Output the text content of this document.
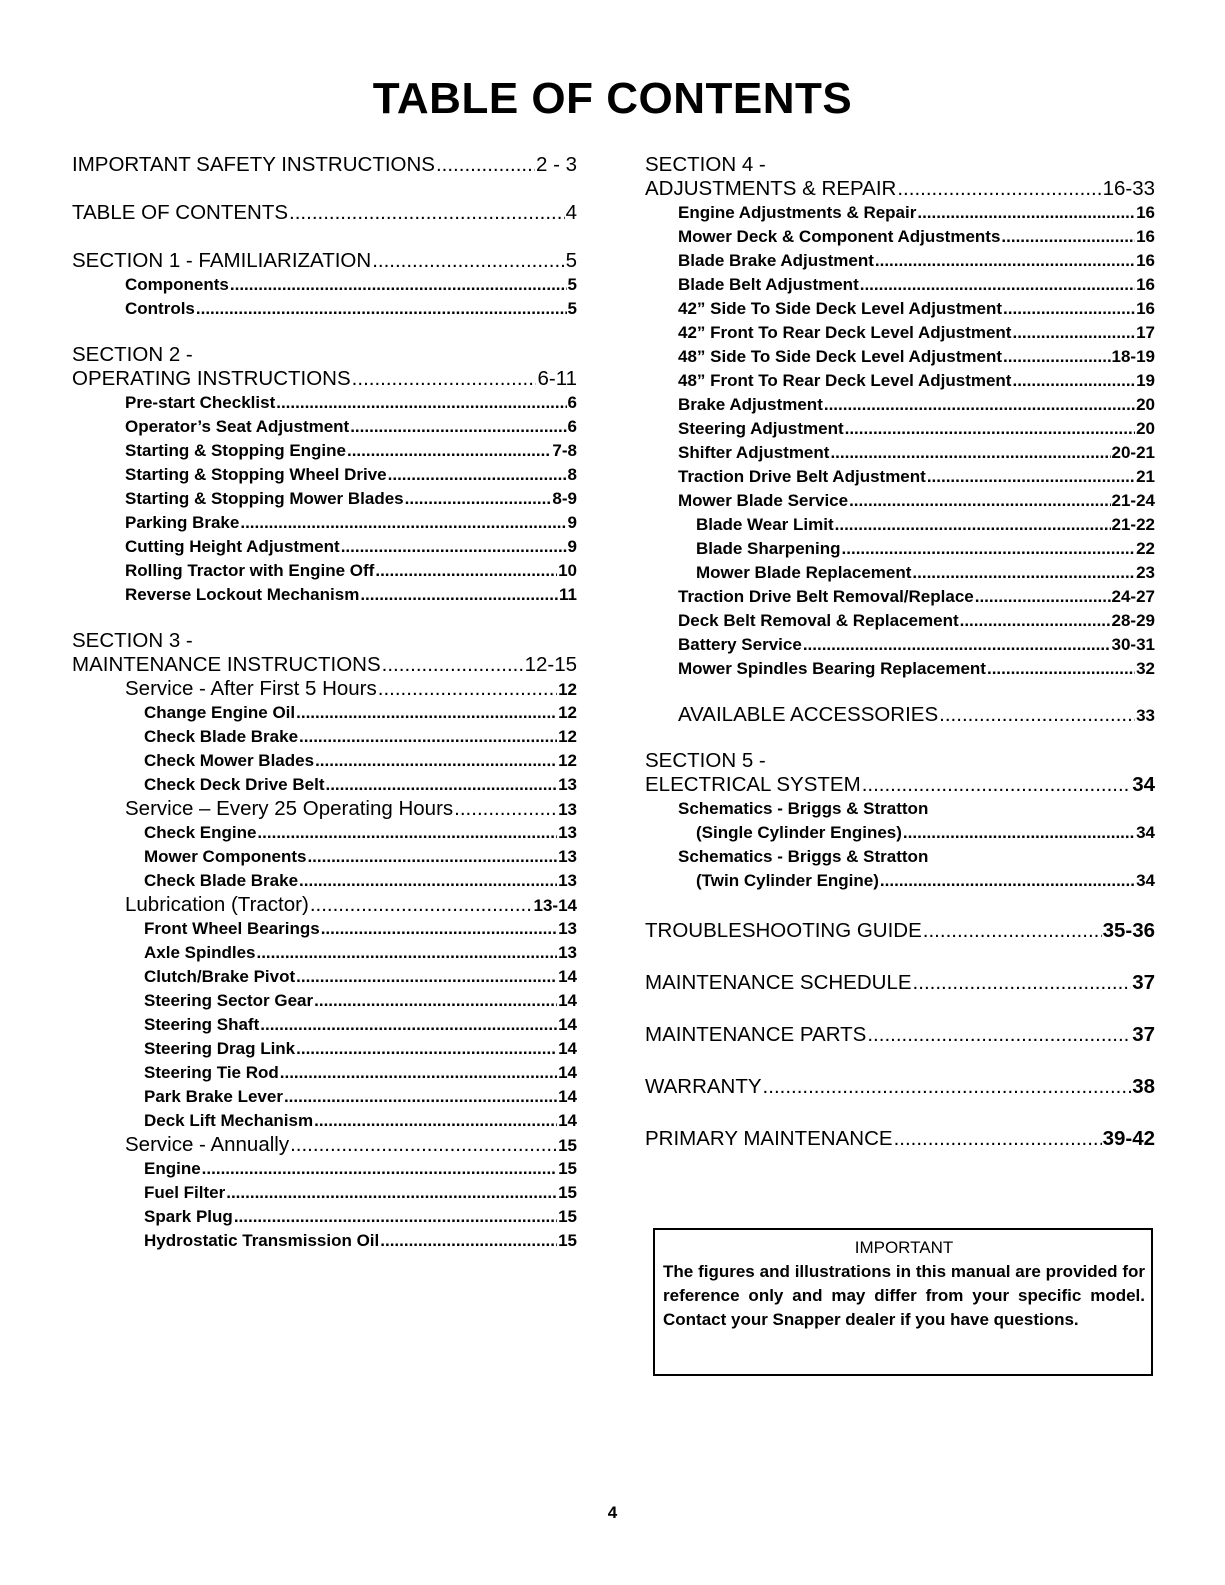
TABLE OF CONTENTS
IMPORTANT SAFETY INSTRUCTIONS .....	2 - 3
TABLE OF CONTENTS .....	4
SECTION 1 - FAMILIARIZATION .....	5
Components .....	5
Controls .....	5
SECTION 2 -
OPERATING INSTRUCTIONS .....	6-11
Pre-start Checklist .....	6
Operator’s Seat Adjustment .....	6
Starting & Stopping Engine .....	7-8
Starting & Stopping Wheel Drive .....	8
Starting & Stopping Mower Blades .....	8-9
Parking Brake .....	9
Cutting Height Adjustment .....	9
Rolling Tractor with Engine Off .....	10
Reverse Lockout Mechanism .....	11
SECTION 3 -
MAINTENANCE INSTRUCTIONS .....	12-15
Service - After First 5 Hours .....	12
Change Engine Oil .....	12
Check Blade Brake .....	12
Check Mower Blades .....	12
Check Deck Drive Belt .....	13
Service – Every 25 Operating Hours .....	13
Check Engine .....	13
Mower Components .....	13
Check Blade Brake .....	13
Lubrication (Tractor) .....	13-14
Front Wheel Bearings .....	13
Axle Spindles .....	13
Clutch/Brake Pivot .....	14
Steering Sector Gear .....	14
Steering Shaft .....	14
Steering Drag Link .....	14
Steering Tie Rod .....	14
Park Brake Lever .....	14
Deck Lift Mechanism .....	14
Service - Annually .....	15
Engine .....	15
Fuel Filter .....	15
Spark Plug .....	15
Hydrostatic Transmission Oil .....	15
SECTION 4 -
ADJUSTMENTS & REPAIR .....	16-33
Engine Adjustments & Repair .....	16
Mower Deck & Component Adjustments .....	16
Blade Brake Adjustment .....	16
Blade Belt Adjustment .....	16
42” Side To Side Deck Level Adjustment .....	16
42” Front To Rear Deck Level Adjustment .....	17
48” Side To Side Deck Level Adjustment .....	18-19
48” Front To Rear Deck Level Adjustment .....	19
Brake Adjustment .....	20
Steering Adjustment .....	20
Shifter Adjustment .....	20-21
Traction Drive Belt Adjustment .....	21
Mower Blade Service .....	21-24
Blade Wear Limit .....	21-22
Blade Sharpening .....	22
Mower Blade Replacement .....	23
Traction Drive Belt Removal/Replace .....	24-27
Deck Belt Removal & Replacement .....	28-29
Battery Service .....	30-31
Mower Spindles Bearing Replacement .....	32
AVAILABLE ACCESSORIES .....	33
SECTION 5 -
ELECTRICAL SYSTEM .....	34
Schematics - Briggs & Stratton
(Single Cylinder Engines) .....	34
Schematics - Briggs & Stratton
(Twin Cylinder Engine) .....	34
TROUBLESHOOTING GUIDE .....	35-36
MAINTENANCE SCHEDULE .....	37
MAINTENANCE PARTS .....	37
WARRANTY .....	38
PRIMARY MAINTENANCE .....	39-42
IMPORTANT
The figures and illustrations in this manual are provided for reference only and may differ from your specific model. Contact your Snapper dealer if you have questions.
4
